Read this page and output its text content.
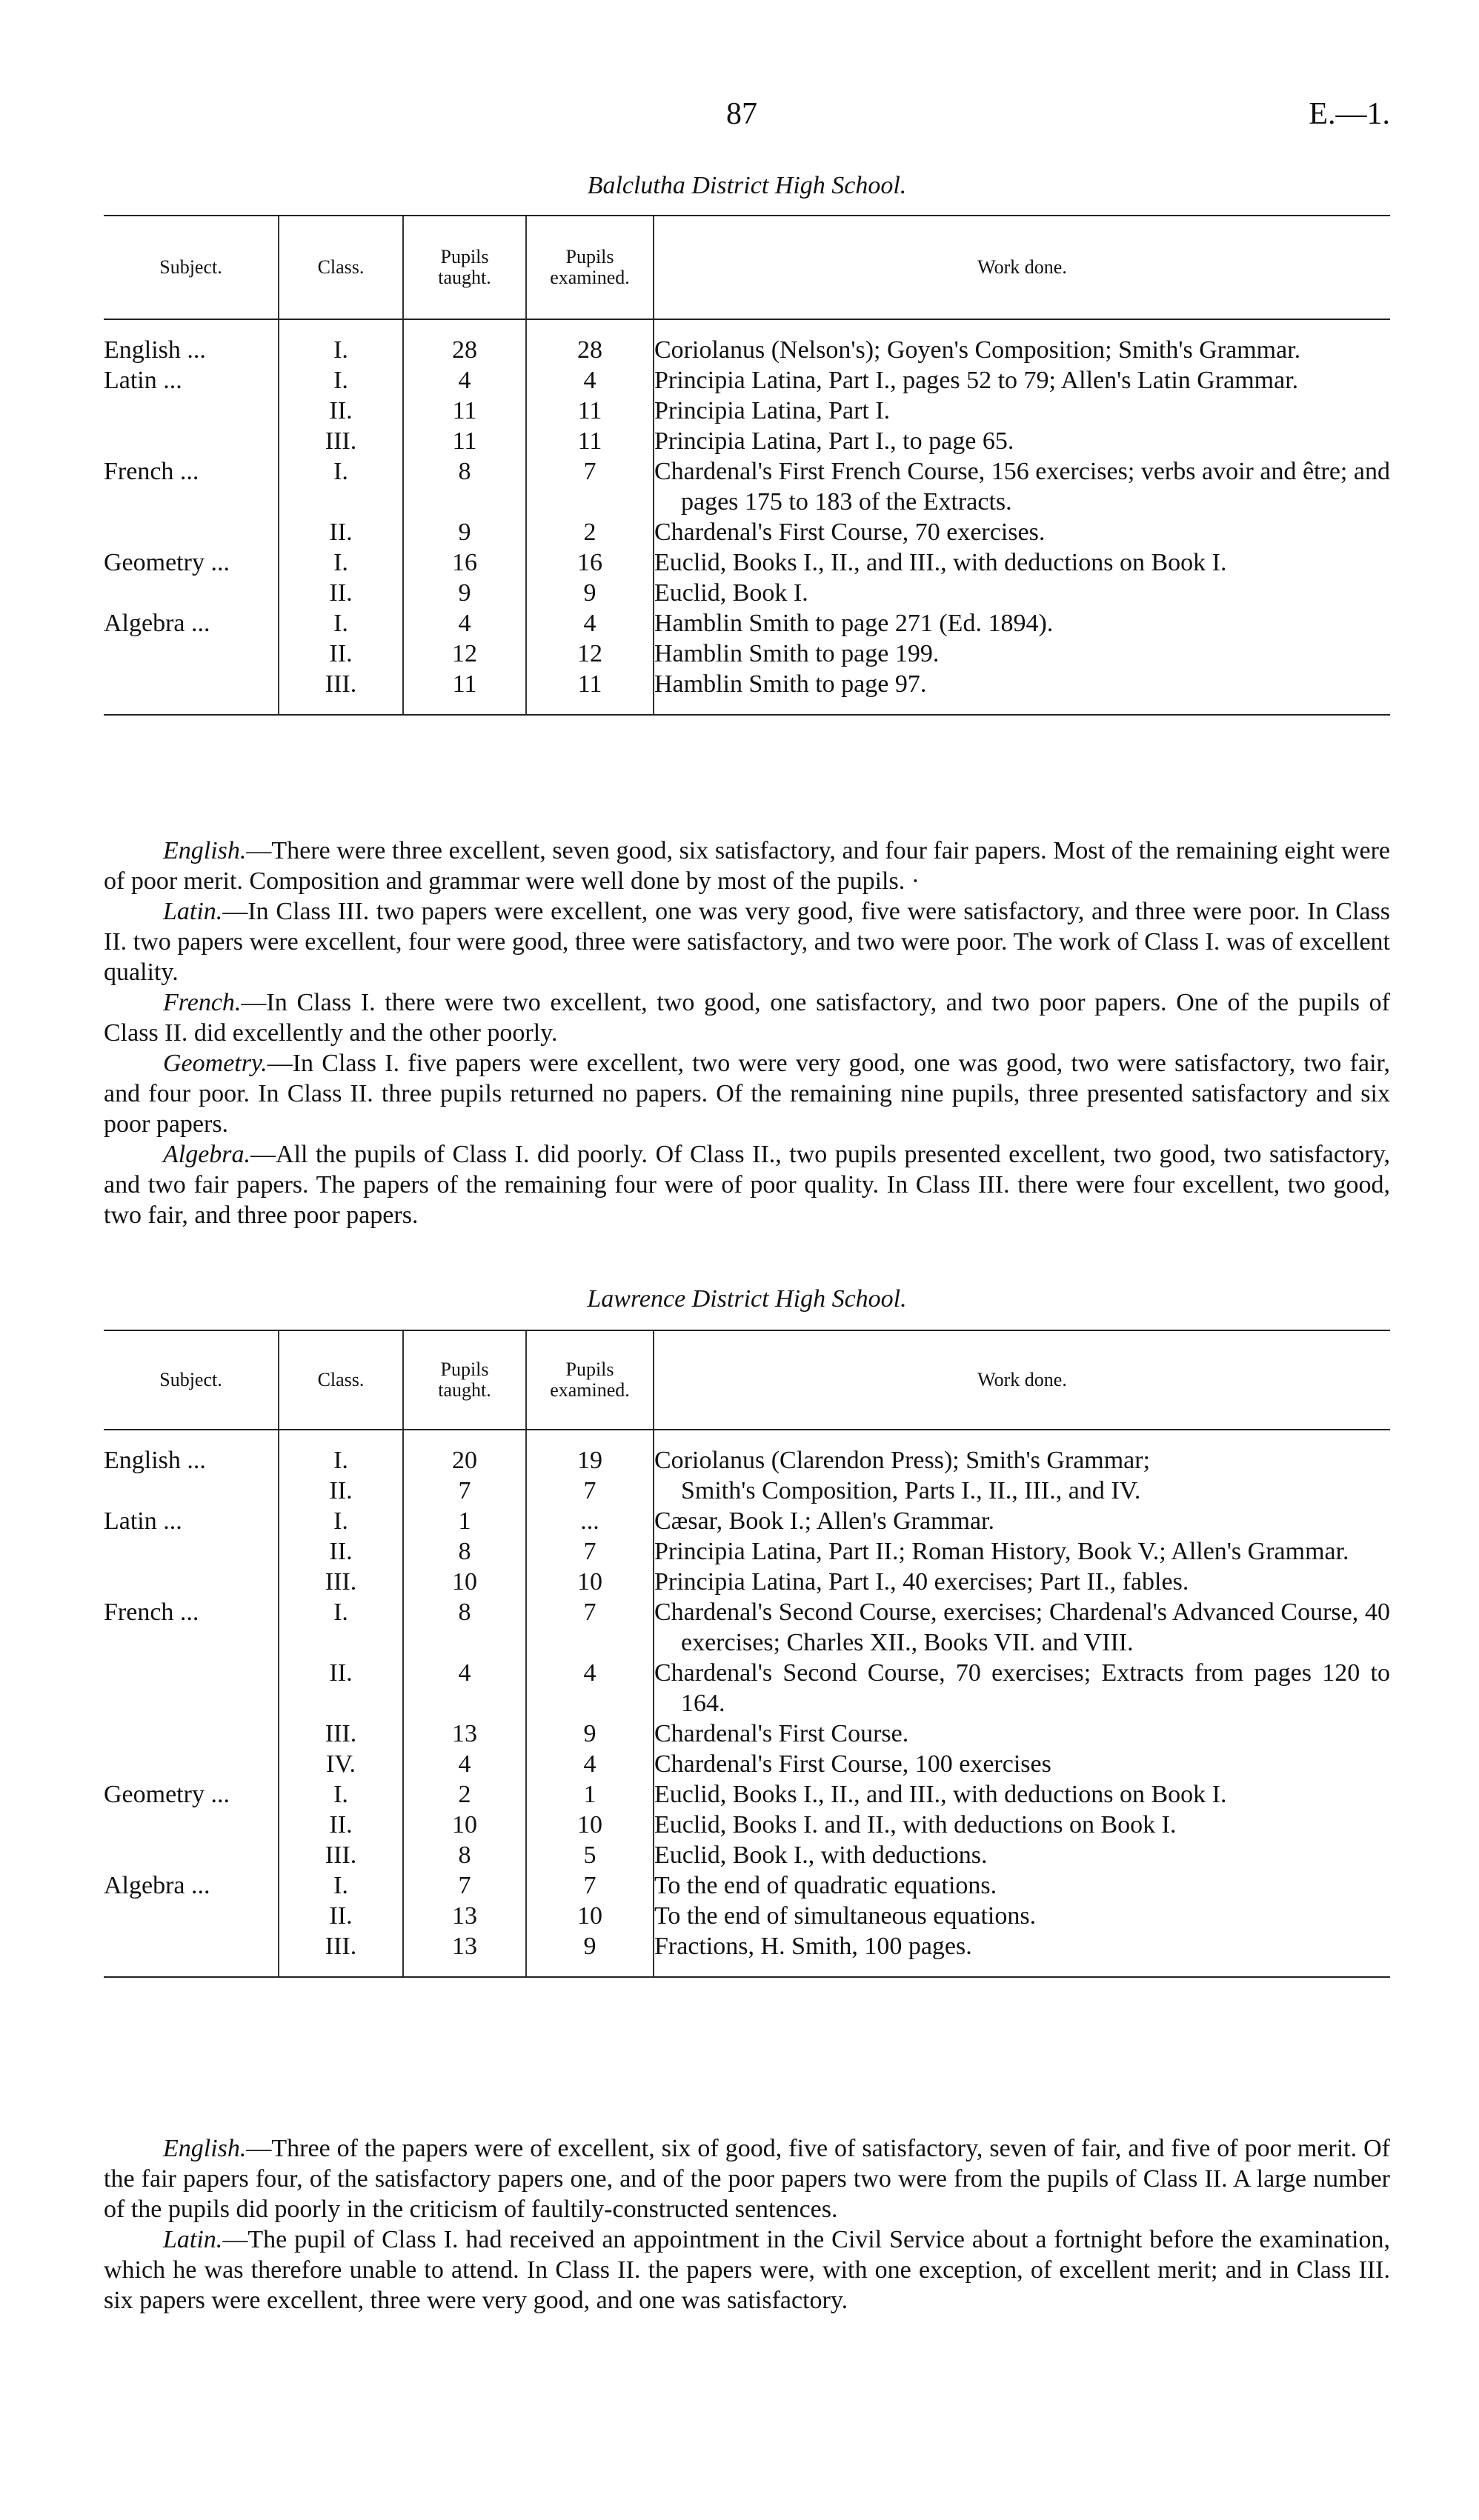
87	E.—1.
Balclutha District High School.
Subject.	Class.	Pupils taught.	Pupils examined.	Work done.

English ...	I.	28	28	Coriolanus (Nelson's); Goyen's Composition; Smith's Grammar.

Latin ...	I.	4	4	Principia Latina, Part I., pages 52 to 79; Allen's Latin Grammar.

	II.	11	11	Principia Latina, Part I.

	III.	11	11	Principia Latina, Part I., to page 65.

French ...	I.	8	7	Chardenal's First French Course, 156 exercises; verbs avoir and être; and pages 175 to 183 of the Extracts.

	II.	9	2	Chardenal's First Course, 70 exercises.

Geometry ...	I.	16	16	Euclid, Books I., II., and III., with deductions on Book I.

	II.	9	9	Euclid, Book I.

Algebra ...	I.	4	4	Hamblin Smith to page 271 (Ed. 1894).

	II.	12	12	Hamblin Smith to page 199.

	III.	11	11	Hamblin Smith to page 97.

English.—There were three excellent, seven good, six satisfactory, and four fair papers. Most of the remaining eight were of poor merit. Composition and grammar were well done by most of the pupils. ·

Latin.—In Class III. two papers were excellent, one was very good, five were satisfactory, and three were poor. In Class II. two papers were excellent, four were good, three were satisfactory, and two were poor. The work of Class I. was of excellent quality.

French.—In Class I. there were two excellent, two good, one satisfactory, and two poor papers. One of the pupils of Class II. did excellently and the other poorly.

Geometry.—In Class I. five papers were excellent, two were very good, one was good, two were satisfactory, two fair, and four poor. In Class II. three pupils returned no papers. Of the remaining nine pupils, three presented satisfactory and six poor papers.

Algebra.—All the pupils of Class I. did poorly. Of Class II., two pupils presented excellent, two good, two satisfactory, and two fair papers. The papers of the remaining four were of poor quality. In Class III. there were four excellent, two good, two fair, and three poor papers.

Lawrence District High School.
Subject.	Class.	Pupils taught.	Pupils examined.	Work done.

English ...	I.	20	19	Coriolanus (Clarendon Press); Smith's Grammar;

	II.	7	7	Smith's Composition, Parts I., II., III., and IV.

Latin ...	I.	1	...	Cæsar, Book I.; Allen's Grammar.

	II.	8	7	Principia Latina, Part II.; Roman History, Book V.; Allen's Grammar.

	III.	10	10	Principia Latina, Part I., 40 exercises; Part II., fables.

French ...	I.	8	7	Chardenal's Second Course, exercises; Chardenal's Advanced Course, 40 exercises; Charles XII., Books VII. and VIII.

	II.	4	4	Chardenal's Second Course, 70 exercises; Extracts from pages 120 to 164.

	III.	13	9	Chardenal's First Course.

	IV.	4	4	Chardenal's First Course, 100 exercises

Geometry ...	I.	2	1	Euclid, Books I., II., and III., with deductions on Book I.

	II.	10	10	Euclid, Books I. and II., with deductions on Book I.

	III.	8	5	Euclid, Book I., with deductions.

Algebra ...	I.	7	7	To the end of quadratic equations.

	II.	13	10	To the end of simultaneous equations.

	III.	13	9	Fractions, H. Smith, 100 pages.

English.—Three of the papers were of excellent, six of good, five of satisfactory, seven of fair, and five of poor merit. Of the fair papers four, of the satisfactory papers one, and of the poor papers two were from the pupils of Class II. A large number of the pupils did poorly in the criticism of faultily-constructed sentences.

Latin.—The pupil of Class I. had received an appointment in the Civil Service about a fortnight before the examination, which he was therefore unable to attend. In Class II. the papers were, with one exception, of excellent merit; and in Class III. six papers were excellent, three were very good, and one was satisfactory.
